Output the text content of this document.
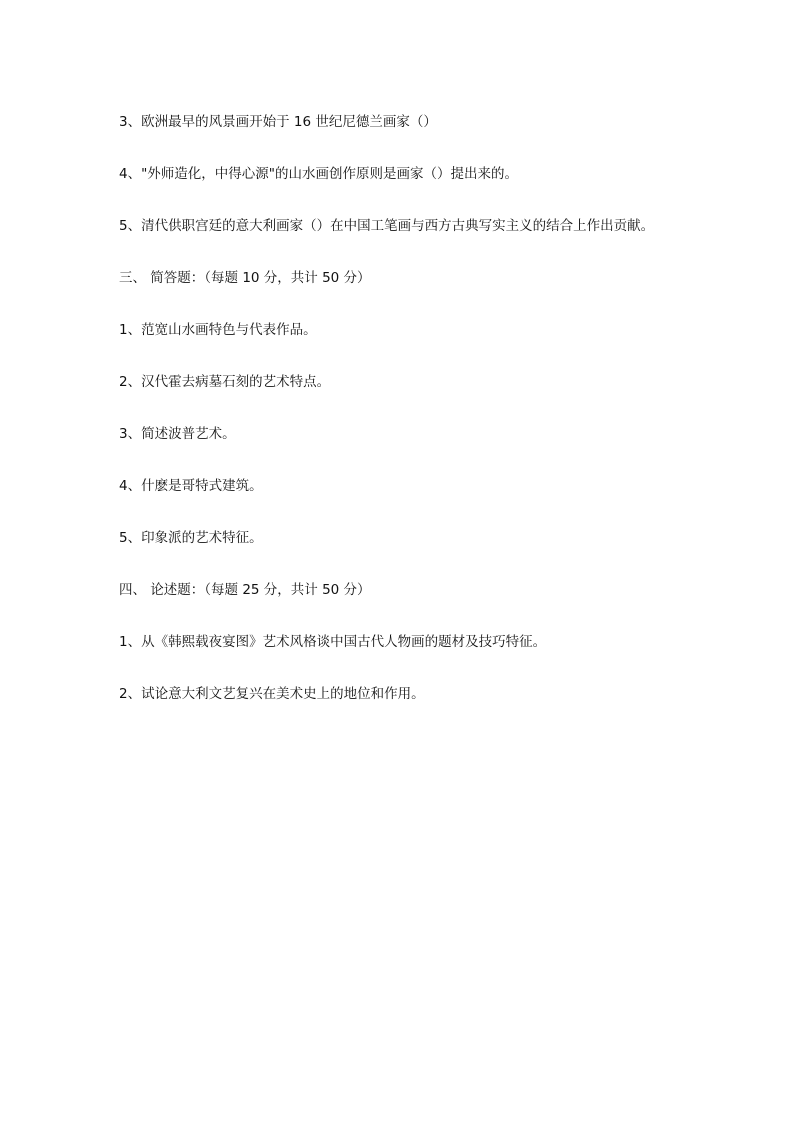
3、欧洲最早的风景画开始于 16 世纪尼德兰画家（）
4、"外师造化，中得心源"的山水画创作原则是画家（）提出来的。
5、清代供职宫廷的意大利画家（）在中国工笔画与西方古典写实主义的结合上作出贡献。
三、 简答题：（每题 10 分，共计 50 分）
1、范宽山水画特色与代表作品。
2、汉代霍去病墓石刻的艺术特点。
3、简述波普艺术。
4、什麽是哥特式建筑。
5、印象派的艺术特征。
四、 论述题：（每题 25 分，共计 50 分）
1、从《韩熙载夜宴图》艺术风格谈中国古代人物画的题材及技巧特征。
2、试论意大利文艺复兴在美术史上的地位和作用。
